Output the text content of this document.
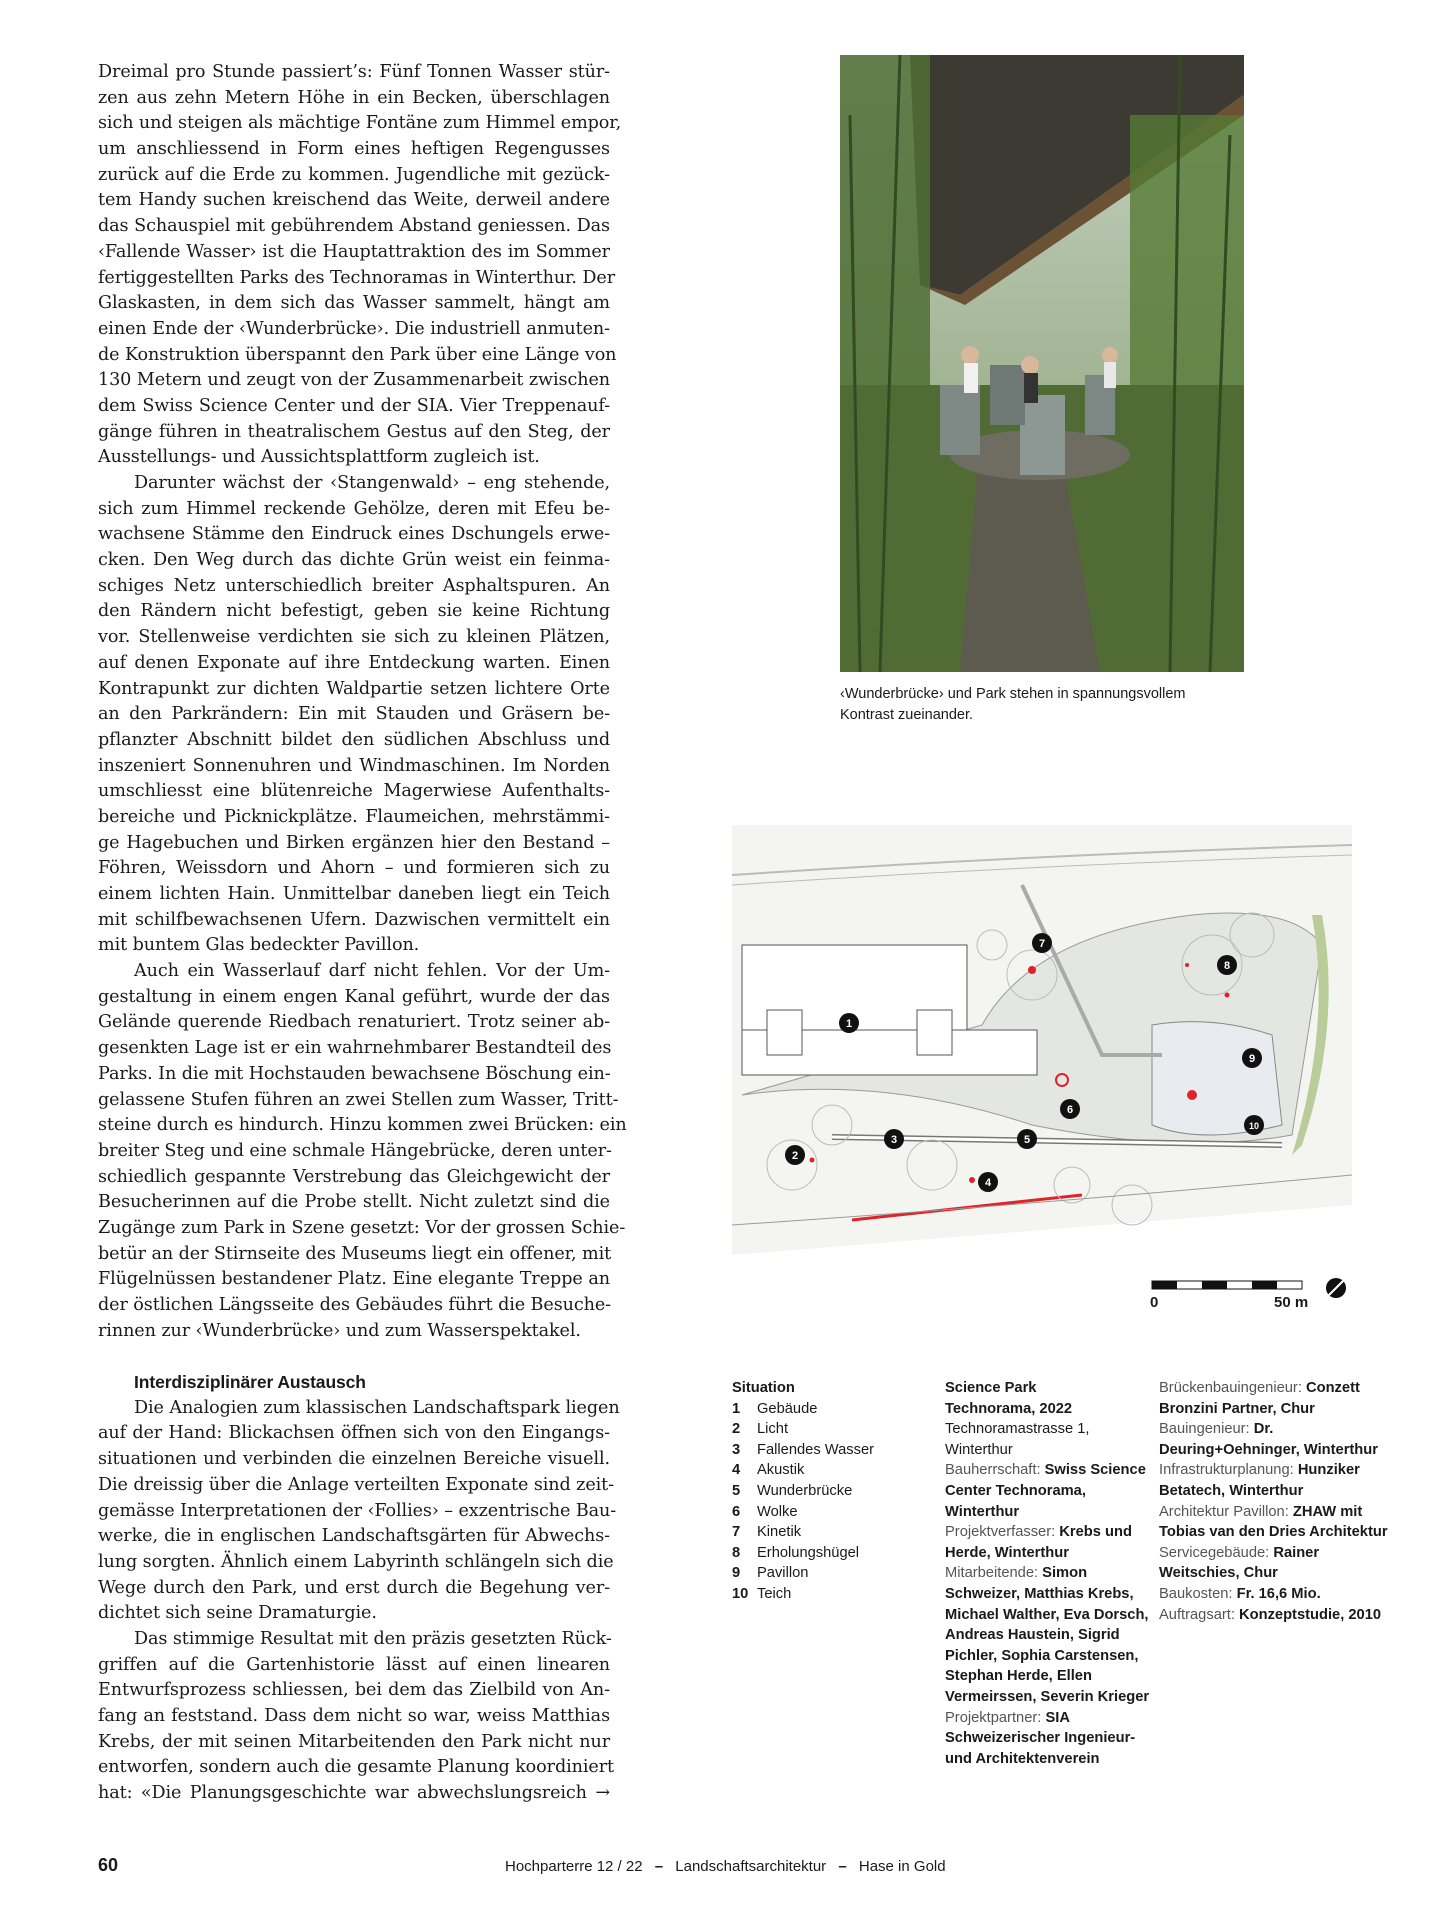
Dreimal pro Stunde passiert’s: Fünf Tonnen Wasser stür-
zen aus zehn Metern Höhe in ein Becken, überschlagen
sich und steigen als mächtige Fontäne zum Himmel empor,
um anschliessend in Form eines heftigen Regengusses
zurück auf die Erde zu kommen. Jugendliche mit gezück-
tem Handy suchen kreischend das Weite, derweil andere
das Schauspiel mit gebührendem Abstand geniessen. Das
‹Fallende Wasser› ist die Hauptattraktion des im Sommer
fertiggestellten Parks des Technoramas in Winterthur. Der
Glaskasten, in dem sich das Wasser sammelt, hängt am
einen Ende der ‹Wunderbrücke›. Die industriell anmuten-
de Konstruktion überspannt den Park über eine Länge von
130 Metern und zeugt von der Zusammenarbeit zwischen
dem Swiss Science Center und der SIA. Vier Treppenauf-
gänge führen in theatralischem Gestus auf den Steg, der
Ausstellungs- und Aussichtsplattform zugleich ist.
Darunter wächst der ‹Stangenwald› – eng stehende,
sich zum Himmel reckende Gehölze, deren mit Efeu be-
wachsene Stämme den Eindruck eines Dschungels erwe-
cken. Den Weg durch das dichte Grün weist ein feinma-
schiges Netz unterschiedlich breiter Asphaltspuren. An
den Rändern nicht befestigt, geben sie keine Richtung
vor. Stellenweise verdichten sie sich zu kleinen Plätzen,
auf denen Exponate auf ihre Entdeckung warten. Einen
Kontrapunkt zur dichten Waldpartie setzen lichtere Orte
an den Parkrändern: Ein mit Stauden und Gräsern be-
pflanzter Abschnitt bildet den südlichen Abschluss und
inszeniert Sonnenuhren und Windmaschinen. Im Norden
umschliesst eine blütenreiche Magerwiese Aufenthalts-
bereiche und Picknickplätze. Flaumeichen, mehrstämmi-
ge Hagebuchen und Birken ergänzen hier den Bestand –
Föhren, Weissdorn und Ahorn – und formieren sich zu
einem lichten Hain. Unmittelbar daneben liegt ein Teich
mit schilfbewachsenen Ufern. Dazwischen vermittelt ein
mit buntem Glas bedeckter Pavillon.
Auch ein Wasserlauf darf nicht fehlen. Vor der Um-
gestaltung in einem engen Kanal geführt, wurde der das
Gelände querende Riedbach renaturiert. Trotz seiner ab-
gesenkten Lage ist er ein wahrnehmbarer Bestandteil des
Parks. In die mit Hochstauden bewachsene Böschung ein-
gelassene Stufen führen an zwei Stellen zum Wasser, Tritt-
steine durch es hindurch. Hinzu kommen zwei Brücken: ein
breiter Steg und eine schmale Hängebrücke, deren unter-
schiedlich gespannte Verstrebung das Gleichgewicht der
Besucherinnen auf die Probe stellt. Nicht zuletzt sind die
Zugänge zum Park in Szene gesetzt: Vor der grossen Schie-
betür an der Stirnseite des Museums liegt ein offener, mit
Flügelnüssen bestandener Platz. Eine elegante Treppe an
der östlichen Längsseite des Gebäudes führt die Besuche-
rinnen zur ‹Wunderbrücke› und zum Wasserspektakel.
Interdisziplinärer Austausch
Die Analogien zum klassischen Landschaftspark liegen
auf der Hand: Blickachsen öffnen sich von den Eingangs-
situationen und verbinden die einzelnen Bereiche visuell.
Die dreissig über die Anlage verteilten Exponate sind zeit-
gemässe Interpretationen der ‹Follies› – exzentrische Bau-
werke, die in englischen Landschaftsgärten für Abwechs-
lung sorgten. Ähnlich einem Labyrinth schlängeln sich die
Wege durch den Park, und erst durch die Begehung ver-
dichtet sich seine Dramaturgie.
Das stimmige Resultat mit den präzis gesetzten Rück-
griffen auf die Gartenhistorie lässt auf einen linearen
Entwurfsprozess schliessen, bei dem das Zielbild von An-
fang an feststand. Dass dem nicht so war, weiss Matthias
Krebs, der mit seinen Mitarbeitenden den Park nicht nur
entworfen, sondern auch die gesamte Planung koordiniert
hat: «Die Planungsgeschichte war abwechslungsreich →
‹Wunderbrücke› und Park stehen in spannungsvollem
Kontrast zueinander.
1
2
3
4
5
6
7
8
9
10
0	50 m
Situation
1 Gebäude
2 Licht
3 Fallendes Wasser
4 Akustik
5 Wunderbrücke
6 Wolke
7 Kinetik
8 Erholungshügel
9 Pavillon
10 Teich
Science Park
Technorama, 2022
Technoramastrasse 1,
Winterthur
Bauherrschaft: Swiss Science Center Technorama, Winterthur
Projektverfasser: Krebs und Herde, Winterthur
Mitarbeitende: Simon Schweizer, Matthias Krebs, Michael Walther, Eva Dorsch, Andreas Haustein, Sigrid Pichler, Sophia Carstensen, Stephan Herde, Ellen Vermeirssen, Severin Krieger
Projektpartner: SIA Schweizerischer Ingenieur- und Architektenverein
Brückenbauingenieur: Conzett Bronzini Partner, Chur
Bauingenieur: Dr. Deuring+Oehninger, Winterthur
Infrastrukturplanung: Hunziker Betatech, Winterthur
Architektur Pavillon: ZHAW mit Tobias van den Dries Architektur
Servicegebäude: Rainer Weitschies, Chur
Baukosten: Fr. 16,6 Mio.
Auftragsart: Konzeptstudie, 2010
60	Hochparterre 12 / 22 – Landschaftsarchitektur – Hase in Gold
